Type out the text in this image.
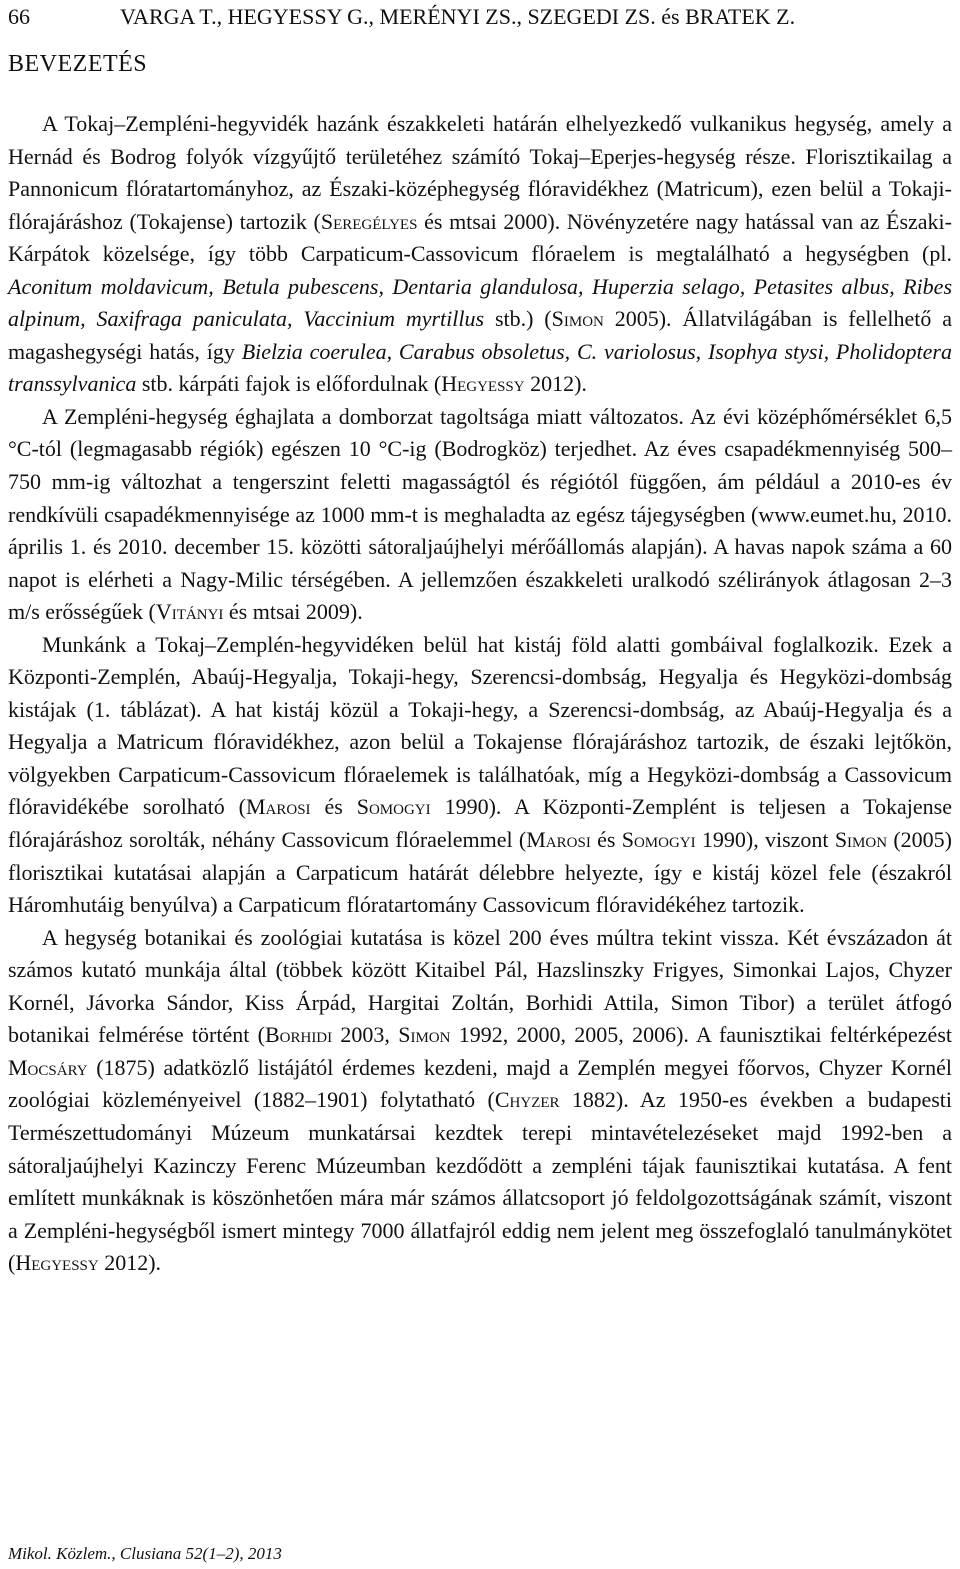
66	VARGA T., HEGYESSY G., MERÉNYI ZS., SZEGEDI ZS. és BRATEK Z.
BEVEZETÉS

A Tokaj–Zempléni-hegyvidék hazánk északkeleti határán elhelyezkedő vulkanikus hegység, amely a Hernád és Bodrog folyók vízgyűjtő területéhez számító Tokaj–Eperjes-hegység része. Florisztikailag a Pannonicum flóratartományhoz, az Északi-középhegység flóravidékhez (Matricum), ezen belül a Tokaji-flórajáráshoz (Tokajense) tartozik (Seregélyes és mtsai 2000). Növényzetére nagy hatással van az Északi-Kárpátok közelsége, így több Carpaticum-Cassovicum flóraelem is megtalálható a hegységben (pl. Aconitum moldavicum, Betula pubescens, Dentaria glandulosa, Huperzia selago, Petasites albus, Ribes alpinum, Saxifraga paniculata, Vaccinium myrtillus stb.) (Simon 2005). Állatvilágában is fellelhető a magashegységi hatás, így Bielzia coerulea, Carabus obsoletus, C. variolosus, Isophya stysi, Pholidoptera transsylvanica stb. kárpáti fajok is előfordulnak (Hegyessy 2012).

A Zempléni-hegység éghajlata a domborzat tagoltsága miatt változatos. Az évi középhőmérséklet 6,5 °C-tól (legmagasabb régiók) egészen 10 °C-ig (Bodrogköz) terjedhet. Az éves csapadékmennyiség 500–750 mm-ig változhat a tengerszint feletti magasságtól és régiótól függően, ám például a 2010-es év rendkívüli csapadékmennyisége az 1000 mm-t is meghaladta az egész tájegységben (www.eumet.hu, 2010. április 1. és 2010. december 15. közötti sátoraljaújhelyi mérőállomás alapján). A havas napok száma a 60 napot is elérheti a Nagy-Milic térségében. A jellemzően északkeleti uralkodó szélirányok átlagosan 2–3 m/s erősségűek (Vitányi és mtsai 2009).

Munkánk a Tokaj–Zemplén-hegyvidéken belül hat kistáj föld alatti gombáival foglalkozik. Ezek a Központi-Zemplén, Abaúj-Hegyalja, Tokaji-hegy, Szerencsi-dombság, Hegyalja és Hegyközi-dombság kistájak (1. táblázat). A hat kistáj közül a Tokaji-hegy, a Szerencsi-dombság, az Abaúj-Hegyalja és a Hegyalja a Matricum flóravidékhez, azon belül a Tokajense flórajáráshoz tartozik, de északi lejtőkön, völgyekben Carpaticum-Cassovicum flóraelemek is találhatóak, míg a Hegyközi-dombság a Cassovicum flóravidékébe sorolható (Marosi és Somogyi 1990). A Központi-Zemplént is teljesen a Tokajense flórajáráshoz sorolták, néhány Cassovicum flóraelemmel (Marosi és Somogyi 1990), viszont Simon (2005) florisztikai kutatásai alapján a Carpaticum határát délebbre helyezte, így e kistáj közel fele (északról Háromhutáig benyúlva) a Carpaticum flóratartomány Cassovicum flóravidékéhez tartozik.

A hegység botanikai és zoológiai kutatása is közel 200 éves múltra tekint vissza. Két évszázadon át számos kutató munkája által (többek között Kitaibel Pál, Hazslinszky Frigyes, Simonkai Lajos, Chyzer Kornél, Jávorka Sándor, Kiss Árpád, Hargitai Zoltán, Borhidi Attila, Simon Tibor) a terület átfogó botanikai felmérése történt (Borhidi 2003, Simon 1992, 2000, 2005, 2006). A faunisztikai feltérképezést Mocsáry (1875) adatközlő listájától érdemes kezdeni, majd a Zemplén megyei főorvos, Chyzer Kornél zoológiai közleményeivel (1882–1901) folytatható (Chyzer 1882). Az 1950-es években a budapesti Természettudományi Múzeum munkatársai kezdtek terepi mintavételezéseket majd 1992-ben a sátoraljaújhelyi Kazinczy Ferenc Múzeumban kezdődött a zempléni tájak faunisztikai kutatása. A fent említett munkáknak is köszönhetően mára már számos állatcsoport jó feldolgozottságának számít, viszont a Zempléni-hegységből ismert mintegy 7000 állatfajról eddig nem jelent meg összefoglaló tanulmánykötet (Hegyessy 2012).

Mikol. Közlem., Clusiana 52(1–2), 2013
